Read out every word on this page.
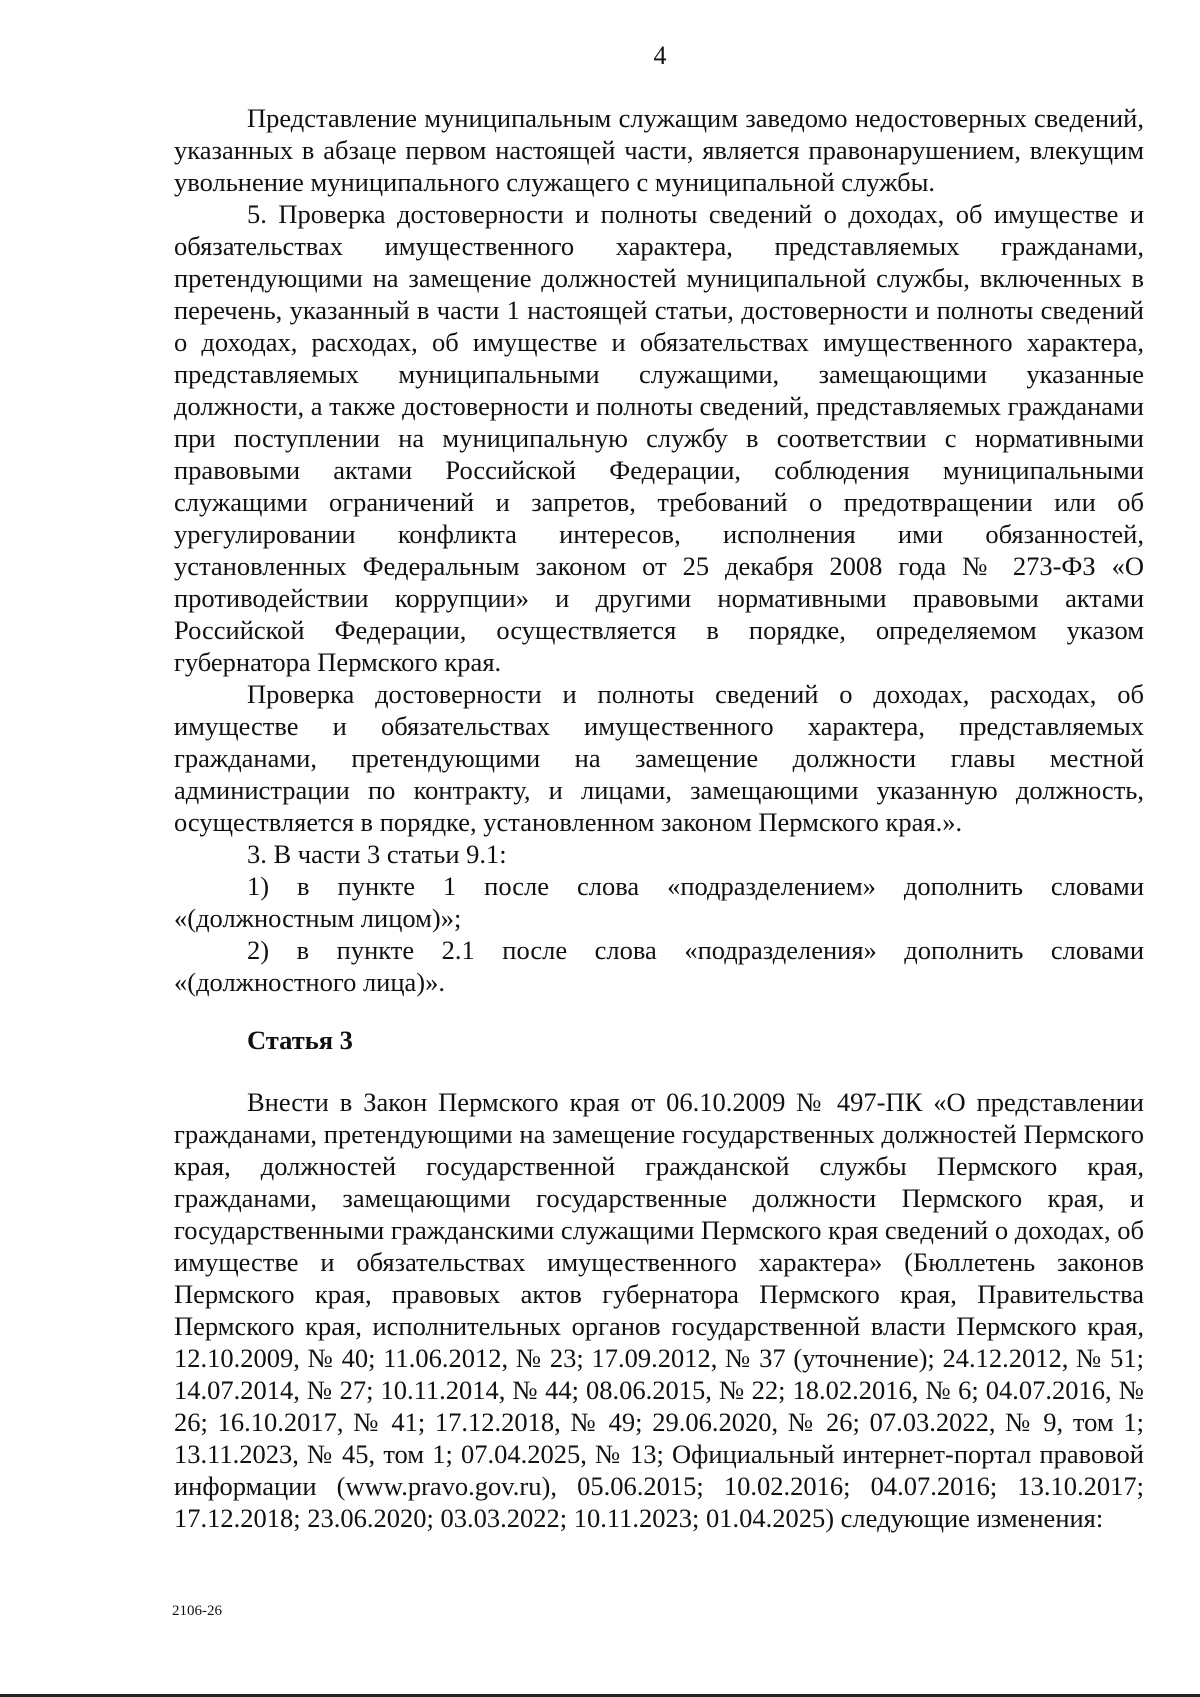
4

Представление муниципальным служащим заведомо недостоверных сведений, указанных в абзаце первом настоящей части, является правонарушением, влекущим увольнение муниципального служащего с муниципальной службы.

5. Проверка достоверности и полноты сведений о доходах, об имуществе и обязательствах имущественного характера, представляемых гражданами, претендующими на замещение должностей муниципальной службы, включенных в перечень, указанный в части 1 настоящей статьи, достоверности и полноты сведений о доходах, расходах, об имуществе и обязательствах имущественного характера, представляемых муниципальными служащими, замещающими указанные должности, а также достоверности и полноты сведений, представляемых гражданами при поступлении на муниципальную службу в соответствии с нормативными правовыми актами Российской Федерации, соблюдения муниципальными служащими ограничений и запретов, требований о предотвращении или об урегулировании конфликта интересов, исполнения ими обязанностей, установленных Федеральным законом от 25 декабря 2008 года № 273-ФЗ «О противодействии коррупции» и другими нормативными правовыми актами Российской Федерации, осуществляется в порядке, определяемом указом губернатора Пермского края.

Проверка достоверности и полноты сведений о доходах, расходах, об имуществе и обязательствах имущественного характера, представляемых гражданами, претендующими на замещение должности главы местной администрации по контракту, и лицами, замещающими указанную должность, осуществляется в порядке, установленном законом Пермского края.».

3. В части 3 статьи 9.1:

1) в пункте 1 после слова «подразделением» дополнить словами «(должностным лицом)»;

2) в пункте 2.1 после слова «подразделения» дополнить словами «(должностного лица)».

Статья 3

Внести в Закон Пермского края от 06.10.2009 № 497-ПК «О представлении гражданами, претендующими на замещение государственных должностей Пермского края, должностей государственной гражданской службы Пермского края, гражданами, замещающими государственные должности Пермского края, и государственными гражданскими служащими Пермского края сведений о доходах, об имуществе и обязательствах имущественного характера» (Бюллетень законов Пермского края, правовых актов губернатора Пермского края, Правительства Пермского края, исполнительных органов государственной власти Пермского края, 12.10.2009, № 40; 11.06.2012, № 23; 17.09.2012, № 37 (уточнение); 24.12.2012, № 51; 14.07.2014, № 27; 10.11.2014, № 44; 08.06.2015, № 22; 18.02.2016, № 6; 04.07.2016, № 26; 16.10.2017, № 41; 17.12.2018, № 49; 29.06.2020, № 26; 07.03.2022, № 9, том 1; 13.11.2023, № 45, том 1; 07.04.2025, № 13; Официальный интернет-портал правовой информации (www.pravo.gov.ru), 05.06.2015; 10.02.2016; 04.07.2016; 13.10.2017; 17.12.2018; 23.06.2020; 03.03.2022; 10.11.2023; 01.04.2025) следующие изменения:

2106-26
